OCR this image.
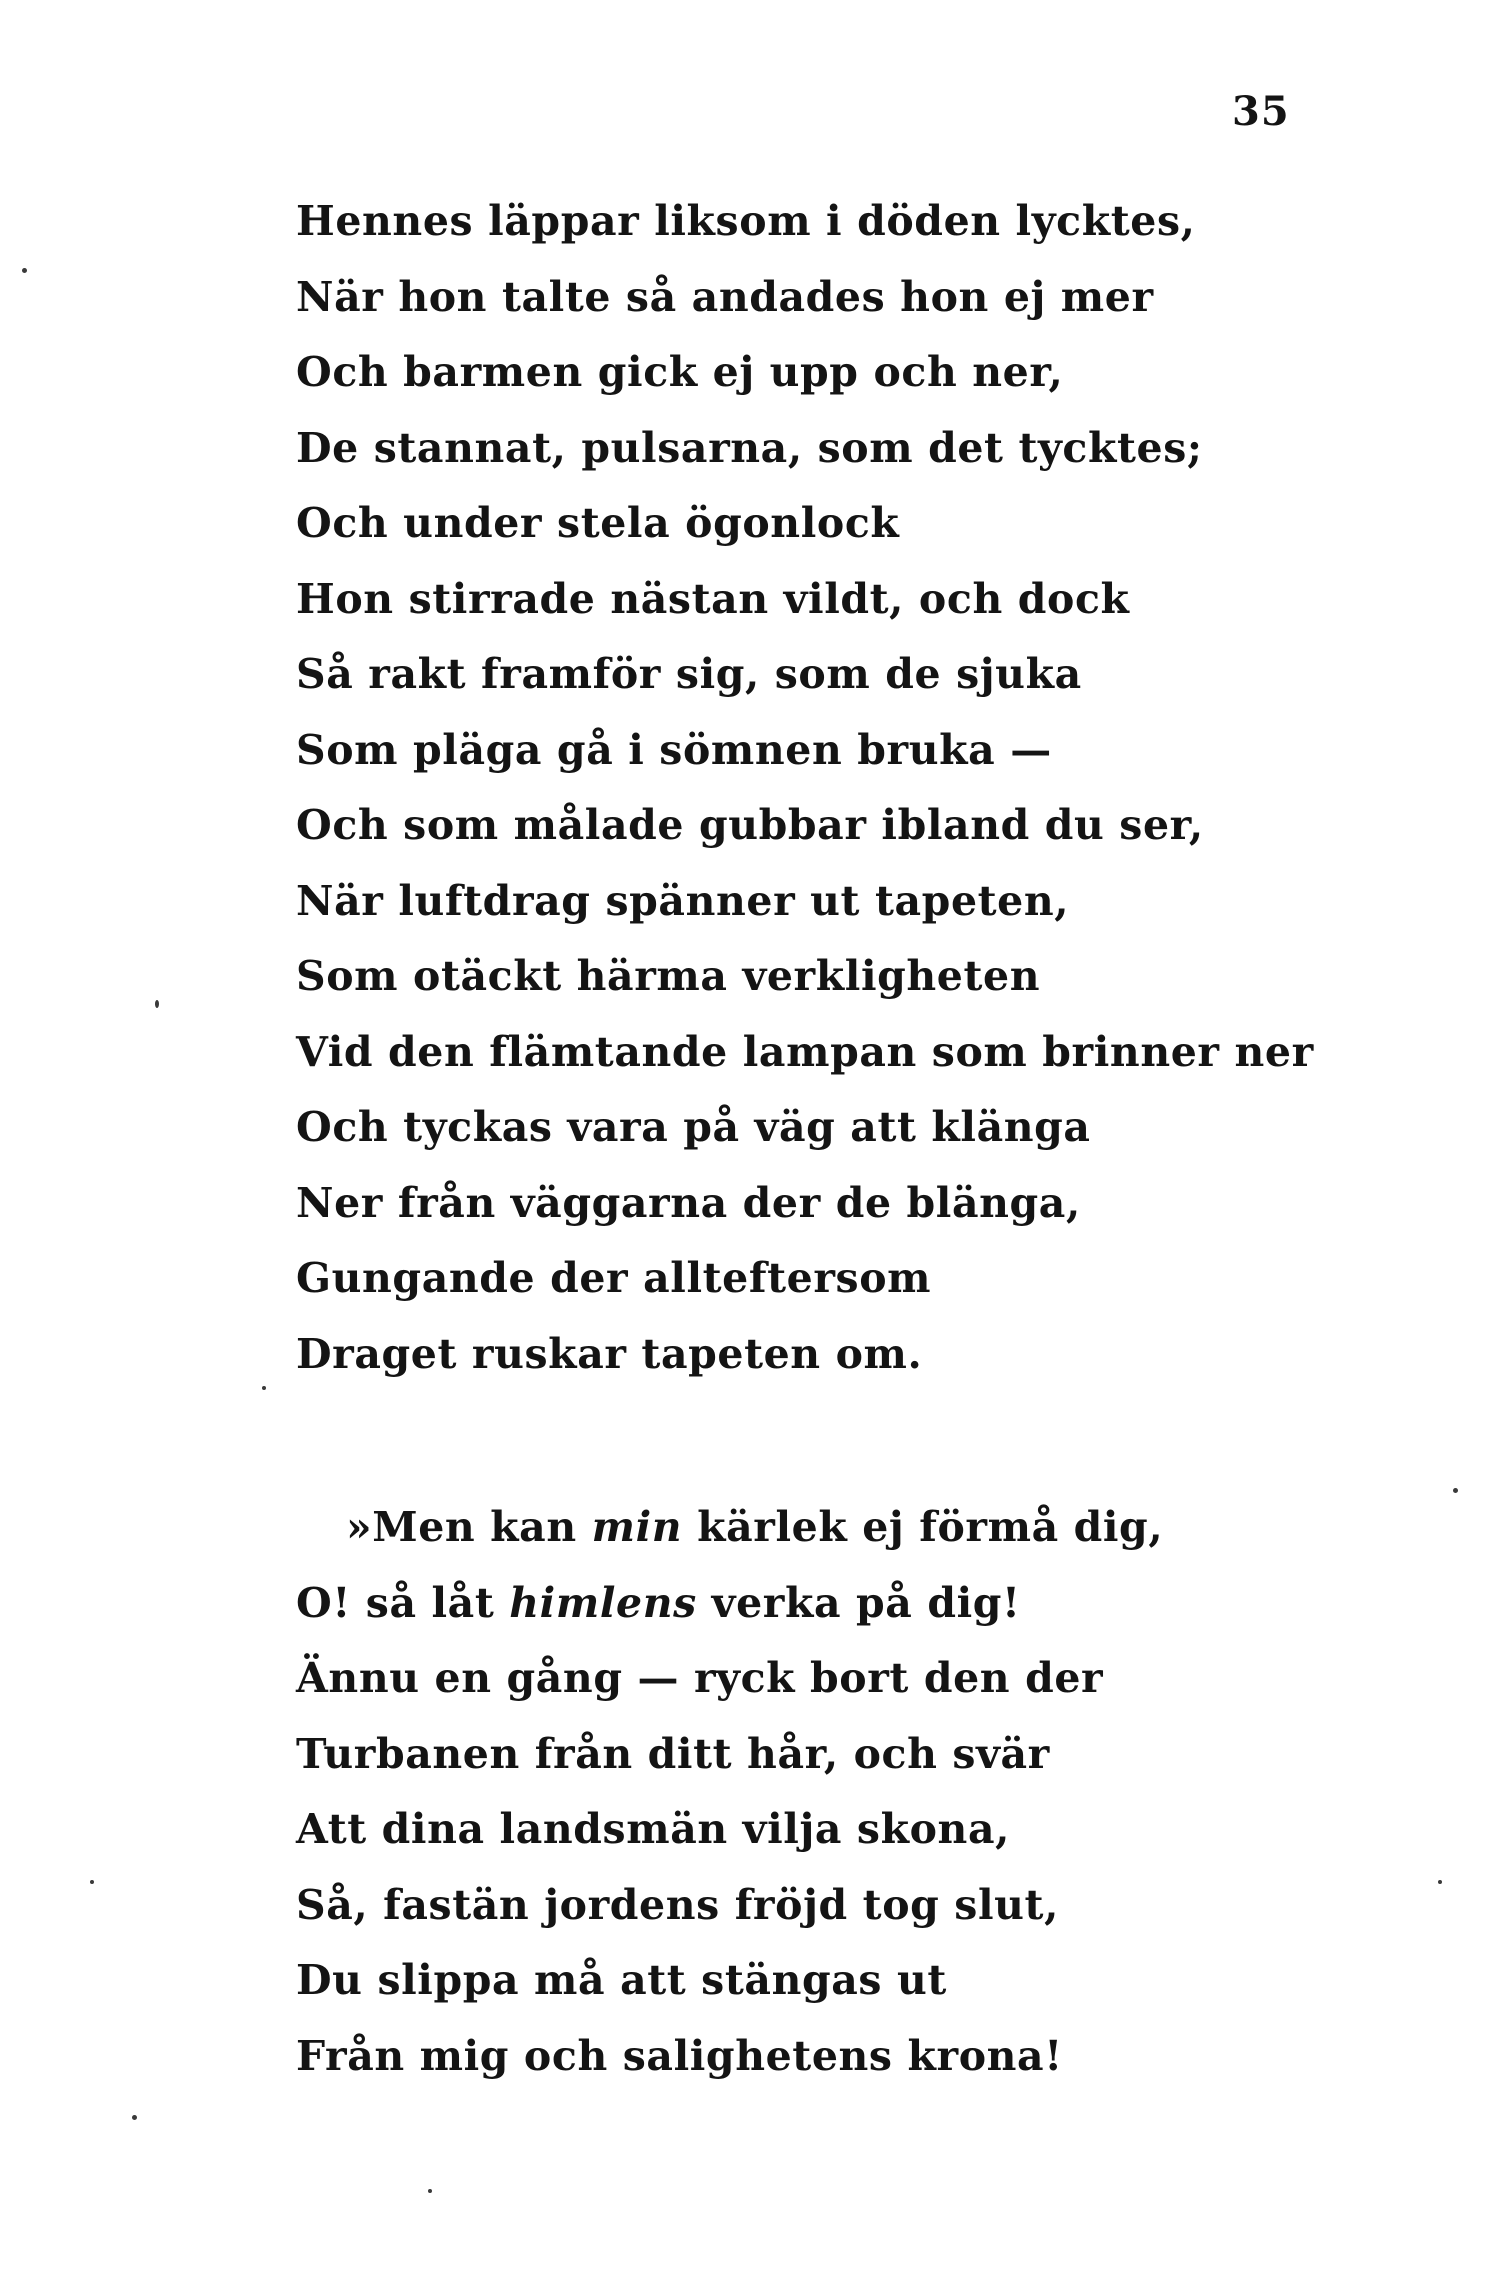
35
Hennes läppar liksom i döden lycktes,
När hon talte så andades hon ej mer
Och barmen gick ej upp och ner,
De stannat, pulsarna, som det tycktes;
Och under stela ögonlock
Hon stirrade nästan vildt, och dock
Så rakt framför sig, som de sjuka
Som pläga gå i sömnen bruka —
Och som målade gubbar ibland du ser,
När luftdrag spänner ut tapeten,
Som otäckt härma verkligheten
Vid den flämtande lampan som brinner ner
Och tyckas vara på väg att klänga
Ner från väggarna der de blänga,
Gungande der allteftersom
Draget ruskar tapeten om.
»Men kan min kärlek ej förmå dig,
O! så låt himlens verka på dig!
Ännu en gång — ryck bort den der
Turbanen från ditt hår, och svär
Att dina landsmän vilja skona,
Så, fastän jordens fröjd tog slut,
Du slippa må att stängas ut
Från mig och salighetens krona!
